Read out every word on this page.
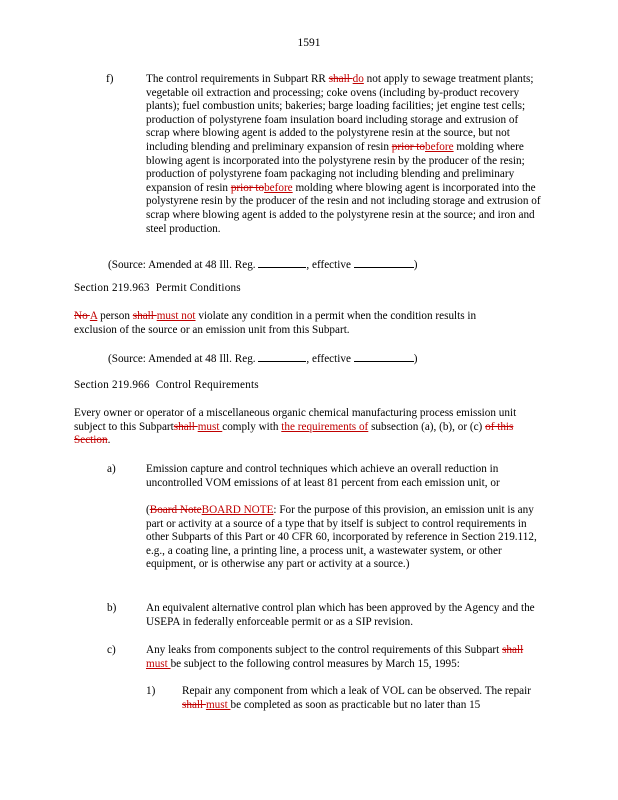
1591
f)	The control requirements in Subpart RR shall do not apply to sewage treatment plants; vegetable oil extraction and processing; coke ovens (including by-product recovery plants); fuel combustion units; bakeries; barge loading facilities; jet engine test cells; production of polystyrene foam insulation board including storage and extrusion of scrap where blowing agent is added to the polystyrene resin at the source, but not including blending and preliminary expansion of resin prior tobefore molding where blowing agent is incorporated into the polystyrene resin by the producer of the resin; production of polystyrene foam packaging not including blending and preliminary expansion of resin prior tobefore molding where blowing agent is incorporated into the polystyrene resin by the producer of the resin and not including storage and extrusion of scrap where blowing agent is added to the polystyrene resin at the source; and iron and steel production.
(Source: Amended at 48 Ill. Reg.	, effective	)
Section 219.963 Permit Conditions
No A person shall must not violate any condition in a permit when the condition results in exclusion of the source or an emission unit from this Subpart.
(Source: Amended at 48 Ill. Reg.	, effective	)
Section 219.966 Control Requirements
Every owner or operator of a miscellaneous organic chemical manufacturing process emission unit subject to this Subpartshall must comply with the requirements of subsection (a), (b), or (c) of this Section.
a)	Emission capture and control techniques which achieve an overall reduction in uncontrolled VOM emissions of at least 81 percent from each emission unit, or
(Board NoteBOARD NOTE: For the purpose of this provision, an emission unit is any part or activity at a source of a type that by itself is subject to control requirements in other Subparts of this Part or 40 CFR 60, incorporated by reference in Section 219.112, e.g., a coating line, a printing line, a process unit, a wastewater system, or other equipment, or is otherwise any part or activity at a source.)
b)	An equivalent alternative control plan which has been approved by the Agency and the USEPA in federally enforceable permit or as a SIP revision.
c)	Any leaks from components subject to the control requirements of this Subpart shall must be subject to the following control measures by March 15, 1995:
1)	Repair any component from which a leak of VOL can be observed. The repair shall must be completed as soon as practicable but no later than 15
